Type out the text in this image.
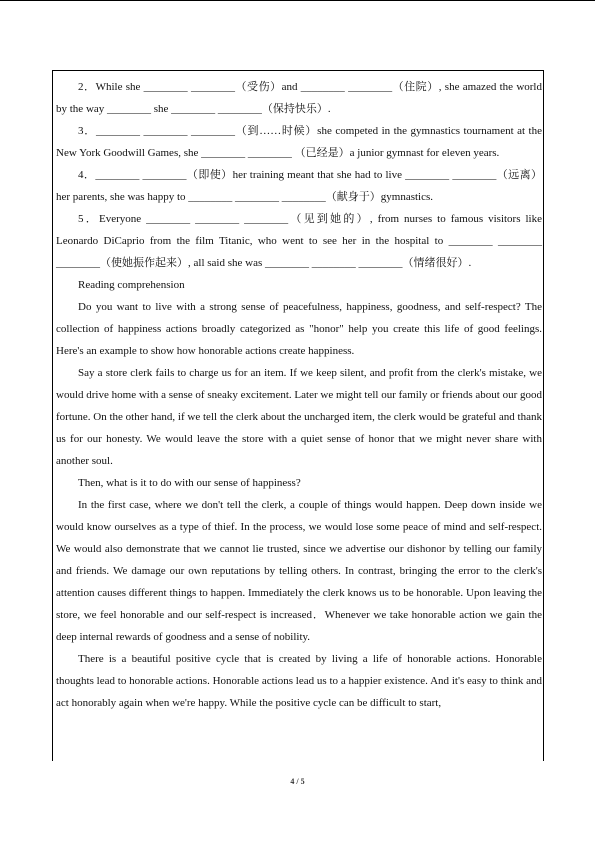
2．While she ________ ________（受伤）and ________ ________（住院）, she amazed the world by the way ________ she ________ ________（保持快乐）.

3．________ ________ ________（到……时候）she competed in the gymnastics tournament at the New York Goodwill Games, she ________ ________ （已经是）a junior gymnast for eleven years.

4．________ ________（即使）her training meant that she had to live ________ ________（远离）her parents, she was happy to ________ ________ ________（献身于）gymnastics.

5．Everyone ________ ________ ________（见到她的）, from nurses to famous visitors like Leonardo DiCaprio from the film Titanic, who went to see her in the hospital to ________ ________ ________（使她振作起来）, all said she was ________ ________ ________（情绪很好）.

Reading comprehension

Do you want to live with a strong sense of peacefulness, happiness, goodness, and self-respect? The collection of happiness actions broadly categorized as "honor" help you create this life of good feelings. Here's an example to show how honorable actions create happiness.

Say a store clerk fails to charge us for an item. If we keep silent, and profit from the clerk's mistake, we would drive home with a sense of sneaky excitement. Later we might tell our family or friends about our good fortune. On the other hand, if we tell the clerk about the uncharged item, the clerk would be grateful and thank us for our honesty. We would leave the store with a quiet sense of honor that we might never share with another soul.

Then, what is it to do with our sense of happiness?

In the first case, where we don't tell the clerk, a couple of things would happen. Deep down inside we would know ourselves as a type of thief. In the process, we would lose some peace of mind and self-respect. We would also demonstrate that we cannot lie trusted, since we advertise our dishonor by telling our family and friends. We damage our own reputations by telling others. In contrast, bringing the error to the clerk's attention causes different things to happen. Immediately the clerk knows us to be honorable. Upon leaving the store, we feel honorable and our self-respect is increased．Whenever we take honorable action we gain the deep internal rewards of goodness and a sense of nobility.

There is a beautiful positive cycle that is created by living a life of honorable actions. Honorable thoughts lead to honorable actions. Honorable actions lead us to a happier existence. And it's easy to think and act honorably again when we're happy. While the positive cycle can be difficult to start,

4 / 5
